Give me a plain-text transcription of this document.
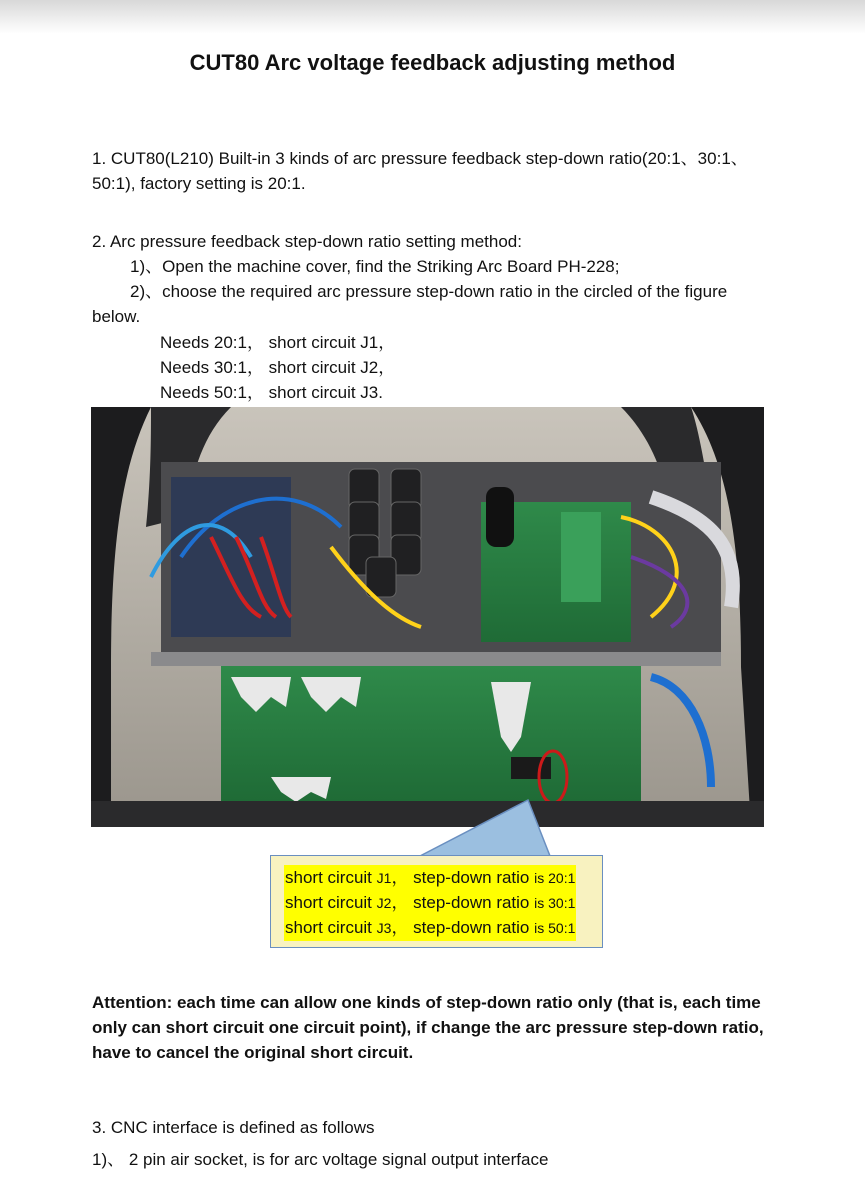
CUT80 Arc voltage feedback adjusting method
1. CUT80(L210) Built-in 3 kinds of arc pressure feedback step-down ratio(20:1、30:1、
50:1), factory setting is 20:1.
2. Arc pressure feedback step-down ratio setting method:
1)、Open the machine cover, find the Striking Arc Board PH-228;
2)、choose the required arc pressure step-down ratio in the circled of the figure
below.
Needs 20:1， short circuit J1，
Needs 30:1， short circuit J2，
Needs 50:1， short circuit J3.
short circuit J1， step-down ratio is 20:1
short circuit J2， step-down ratio is 30:1
short circuit J3， step-down ratio is 50:1
Attention: each time can allow one kinds of step-down ratio only (that is, each time
only can short circuit one circuit point), if change the arc pressure step-down ratio,
have to cancel the original short circuit.
3. CNC interface is defined as follows
1)、 2 pin air socket, is for arc voltage signal output interface
